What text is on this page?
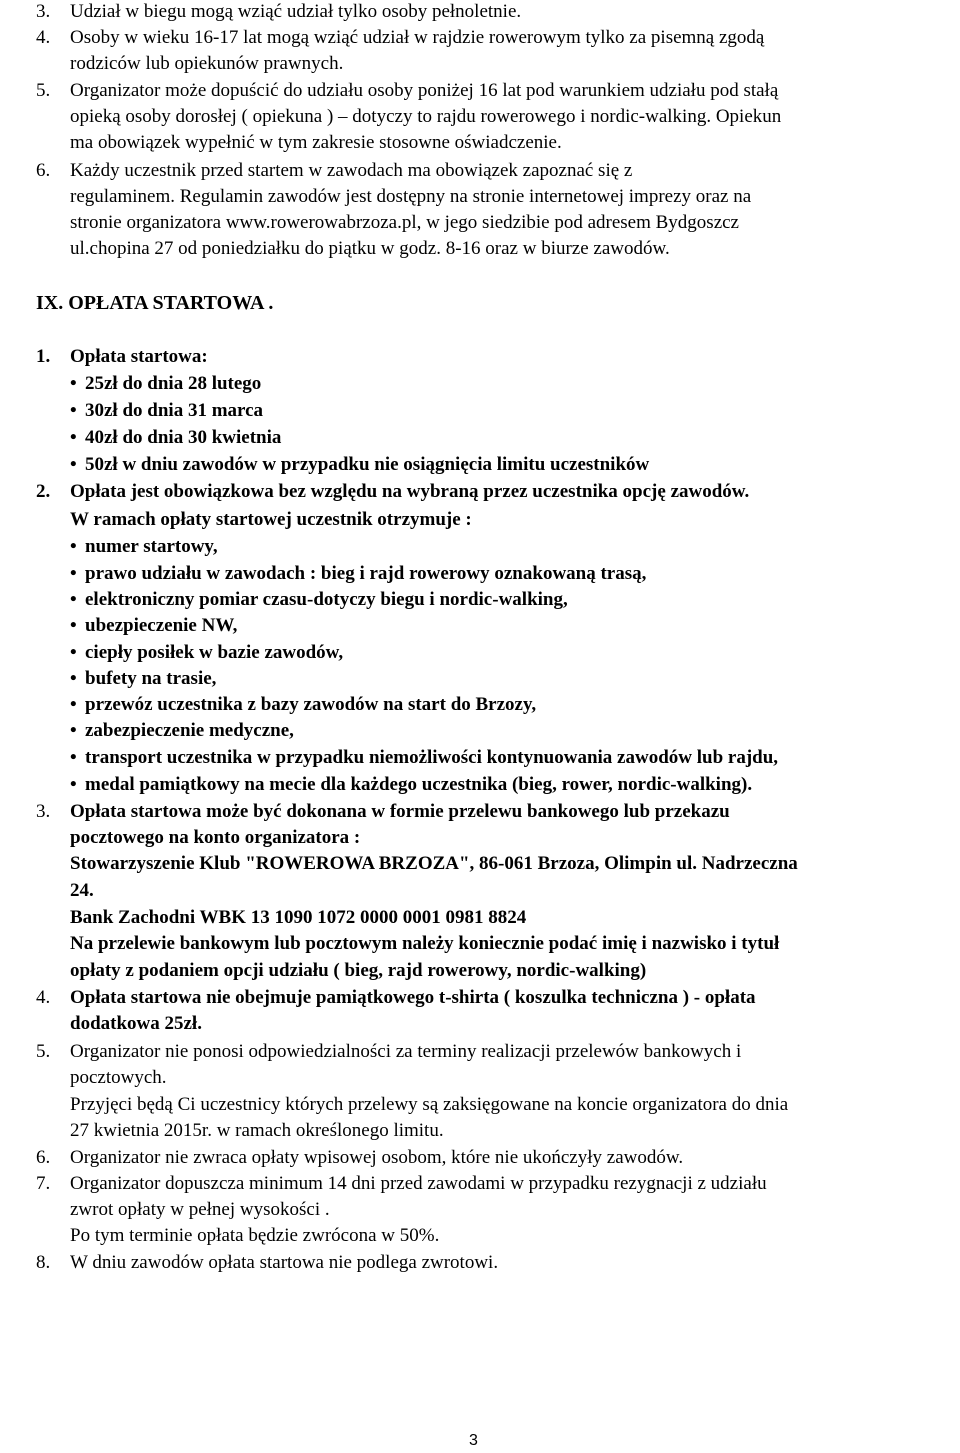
3. Udział w biegu mogą wziąć udział tylko osoby pełnoletnie.
4. Osoby w wieku 16-17 lat mogą wziąć udział w rajdzie rowerowym tylko za pisemną zgodą
rodziców lub opiekunów prawnych.
5. Organizator może dopuścić do udziału osoby poniżej 16 lat pod warunkiem udziału pod stałą
opieką osoby dorosłej ( opiekuna ) – dotyczy to rajdu rowerowego i nordic-walking. Opiekun
ma obowiązek wypełnić w tym zakresie stosowne oświadczenie.
6. Każdy uczestnik przed startem w zawodach ma obowiązek zapoznać się z
regulaminem. Regulamin zawodów jest dostępny na stronie internetowej imprezy oraz na
stronie organizatora www.rowerowabrzoza.pl, w jego siedzibie pod adresem Bydgoszcz
ul.chopina 27 od poniedziałku do piątku w godz. 8-16 oraz w biurze zawodów.
IX. OPŁATA STARTOWA .
1. Opłata startowa:
• 25zł do dnia 28 lutego
• 30zł do dnia 31 marca
• 40zł do dnia 30 kwietnia
• 50zł w dniu zawodów w przypadku nie osiągnięcia limitu uczestników
2. Opłata jest obowiązkowa bez względu na wybraną przez uczestnika opcję zawodów.
W ramach opłaty startowej uczestnik otrzymuje :
• numer startowy,
• prawo udziału w zawodach : bieg i rajd rowerowy oznakowaną trasą,
• elektroniczny pomiar czasu-dotyczy biegu i nordic-walking,
• ubezpieczenie NW,
• ciepły posiłek w bazie zawodów,
• bufety na trasie,
• przewóz uczestnika z bazy zawodów na start do Brzozy,
• zabezpieczenie medyczne,
• transport uczestnika w przypadku niemożliwości kontynuowania zawodów lub rajdu,
• medal pamiątkowy na mecie dla każdego uczestnika (bieg, rower, nordic-walking).
3. Opłata startowa może być dokonana w formie przelewu bankowego lub przekazu
pocztowego na konto organizatora :
Stowarzyszenie Klub "ROWEROWA BRZOZA", 86-061 Brzoza, Olimpin ul. Nadrzeczna
24.
Bank Zachodni WBK 13 1090 1072 0000 0001 0981 8824
Na przelewie bankowym lub pocztowym należy koniecznie podać imię i nazwisko i tytuł
opłaty z podaniem opcji udziału ( bieg, rajd rowerowy, nordic-walking)
4. Opłata startowa nie obejmuje pamiątkowego t-shirta ( koszulka techniczna ) - opłata
dodatkowa 25zł.
5. Organizator nie ponosi odpowiedzialności za terminy realizacji przelewów bankowych i
pocztowych.
Przyjęci będą Ci uczestnicy których przelewy są zaksięgowane na koncie organizatora do dnia
27 kwietnia 2015r. w ramach określonego limitu.
6. Organizator nie zwraca opłaty wpisowej osobom, które nie ukończyły zawodów.
7. Organizator dopuszcza minimum 14 dni przed zawodami w przypadku rezygnacji z udziału
zwrot opłaty w pełnej wysokości .
Po tym terminie opłata będzie zwrócona w 50%.
8. W dniu zawodów opłata startowa nie podlega zwrotowi.
3
